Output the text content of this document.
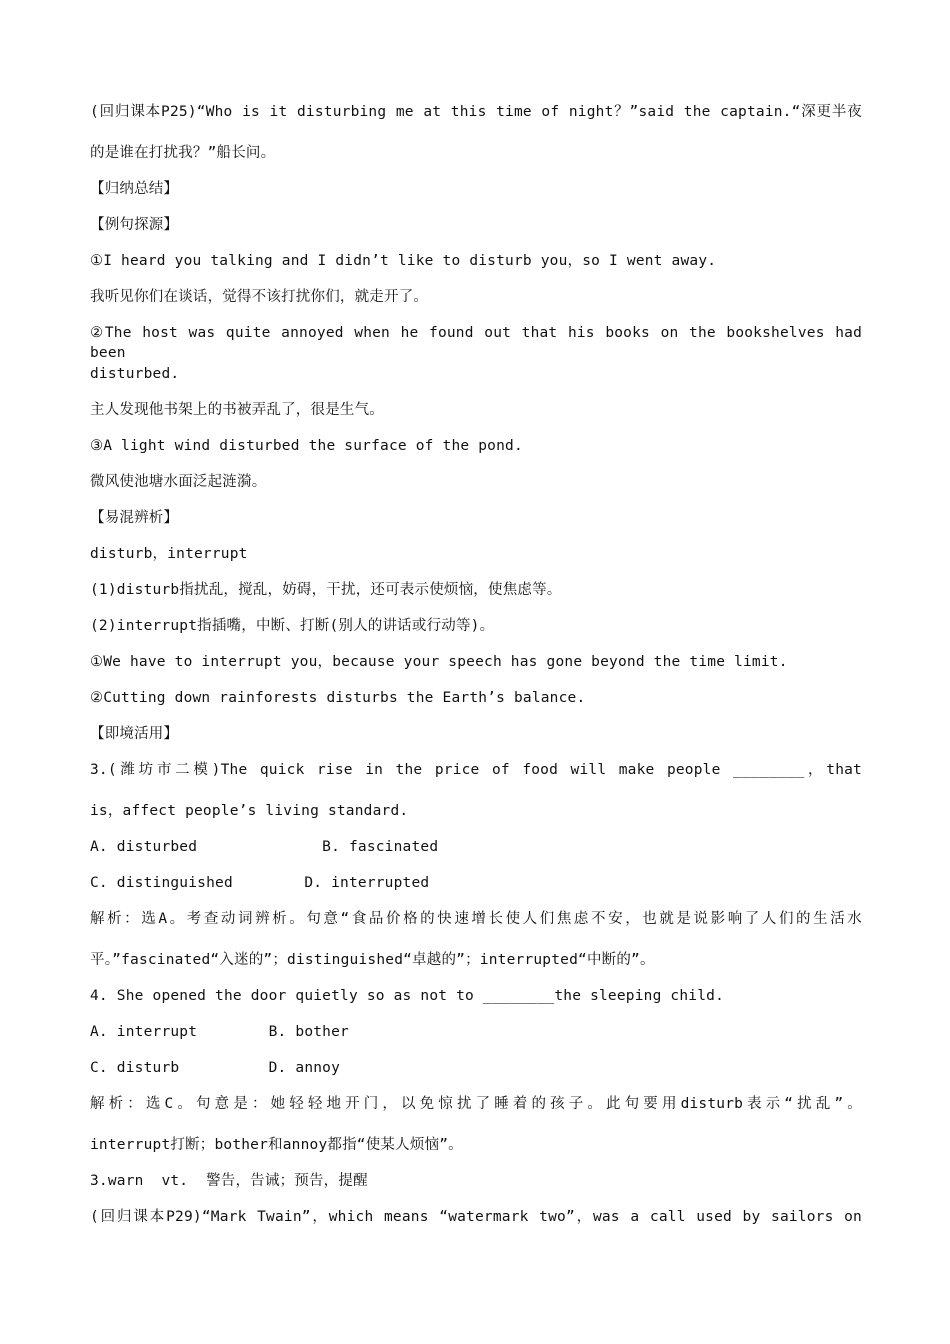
(回归课本P25)“Who is it disturbing me at this time of night？”said the captain.“深更半夜
的是谁在打扰我？”船长问。
【归纳总结】
【例句探源】
①I heard you talking and I didn’t like to disturb you，so I went away.
我听见你们在谈话，觉得不该打扰你们，就走开了。
②The host was quite annoyed when he found out that his books on the bookshelves had been
disturbed.
主人发现他书架上的书被弄乱了，很是生气。
③A light wind disturbed the surface of the pond.
微风使池塘水面泛起涟漪。
【易混辨析】
disturb，interrupt
(1)disturb指扰乱，搅乱，妨碍，干扰，还可表示使烦恼，使焦虑等。
(2)interrupt指插嘴，中断、打断(别人的讲话或行动等)。
①We have to interrupt you，because your speech has gone beyond the time limit.
②Cutting down rainforests disturbs the Earth’s balance.
【即境活用】
3.(潍坊市二模)The quick rise in the price of food will make people ________，that
is，affect people’s living standard.
A. disturbed              B. fascinated
C. distinguished        D. interrupted
解析：选A。考查动词辨析。句意“食品价格的快速增长使人们焦虑不安，也就是说影响了人们的生活水
平。”fascinated“入迷的”；distinguished“卓越的”；interrupted“中断的”。
4. She opened the door quietly so as not to ________the sleeping child.
A. interrupt        B. bother
C. disturb          D. annoy
解析：选C。句意是：她轻轻地开门，以免惊扰了睡着的孩子。此句要用disturb表示“扰乱”。
interrupt打断；bother和annoy都指“使某人烦恼”。
3.warn  vt.  警告，告诫；预告，提醒
(回归课本P29)“Mark Twain”，which means “watermark two”，was a call used by sailors on
